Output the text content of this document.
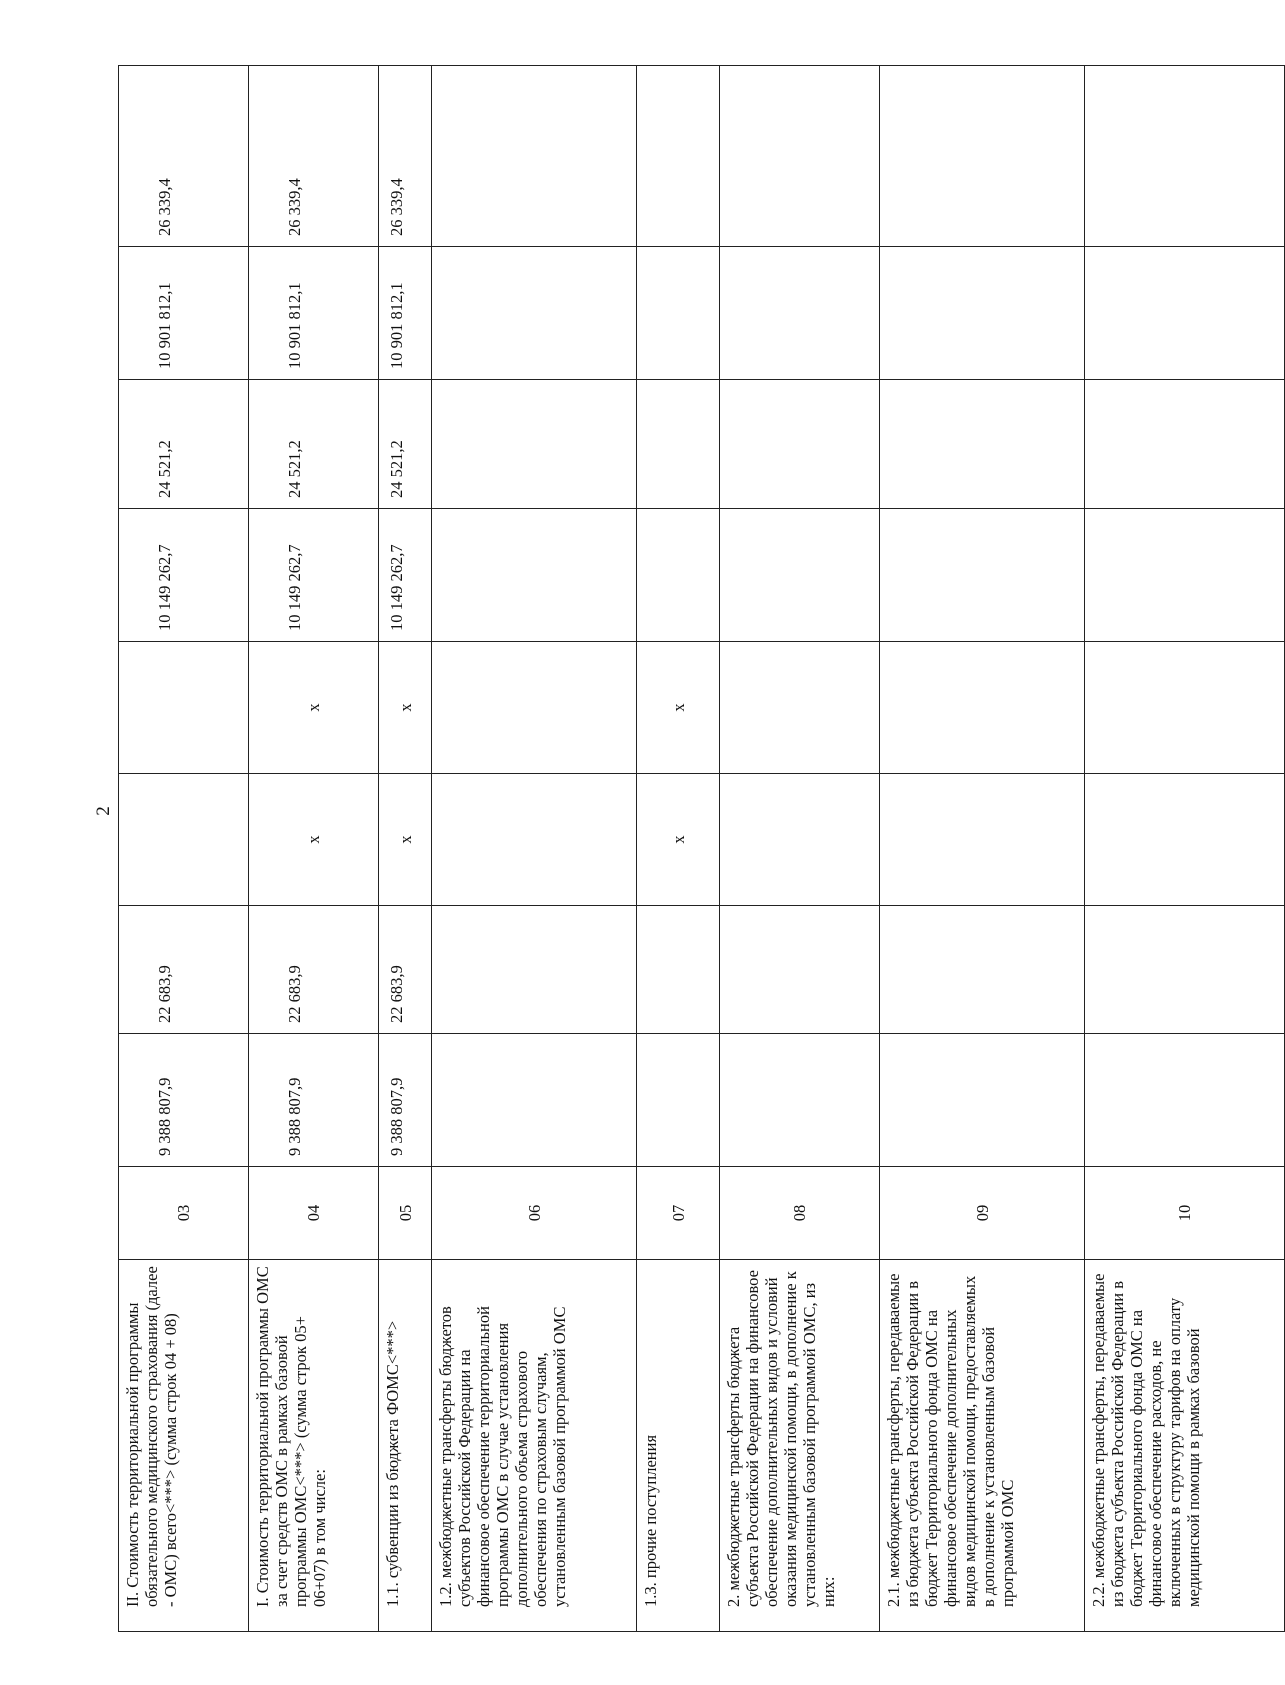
2
II. Стоимость территориальной программы обязательного медицинского страхования (далее - ОМС) всего<***> (сумма строк 04 + 08)	03	9 388 807,9	22 683,9			10 149 262,7	24 521,2	10 901 812,1	26 339,4

I. Стоимость территориальной программы ОМС за счет средств ОМС в рамках базовой программы ОМС<***> (сумма строк 05+ 06+07) в том числе:	04	9 388 807,9	22 683,9	x	x	10 149 262,7	24 521,2	10 901 812,1	26 339,4

1.1. субвенции из бюджета ФОМС<***>	05	9 388 807,9	22 683,9	x	x	10 149 262,7	24 521,2	10 901 812,1	26 339,4

1.2. межбюджетные трансферты бюджетов субъектов Российской Федерации на финансовое обеспечение территориальной программы ОМС в случае установления дополнительного объема страхового обеспечения по страховым случаям, установленным базовой программой ОМС	06								

1.3. прочие поступления	07			x	x				

2. межбюджетные трансферты бюджета субъекта Российской Федерации на финансовое обеспечение дополнительных видов и условий оказания медицинской помощи, в дополнение к установленным базовой программой ОМС, из них:	08								

2.1. межбюджетные трансферты, передаваемые из бюджета субъекта Российской Федерации в бюджет Территориального фонда ОМС на финансовое обеспечение дополнительных видов медицинской помощи, предоставляемых в дополнение к установленным базовой программой ОМС	09								

2.2. межбюджетные трансферты, передаваемые из бюджета субъекта Российской Федерации в бюджет Территориального фонда ОМС на финансовое обеспечение расходов, не включенных в структуру тарифов на оплату медицинской помощи в рамках базовой	10								
